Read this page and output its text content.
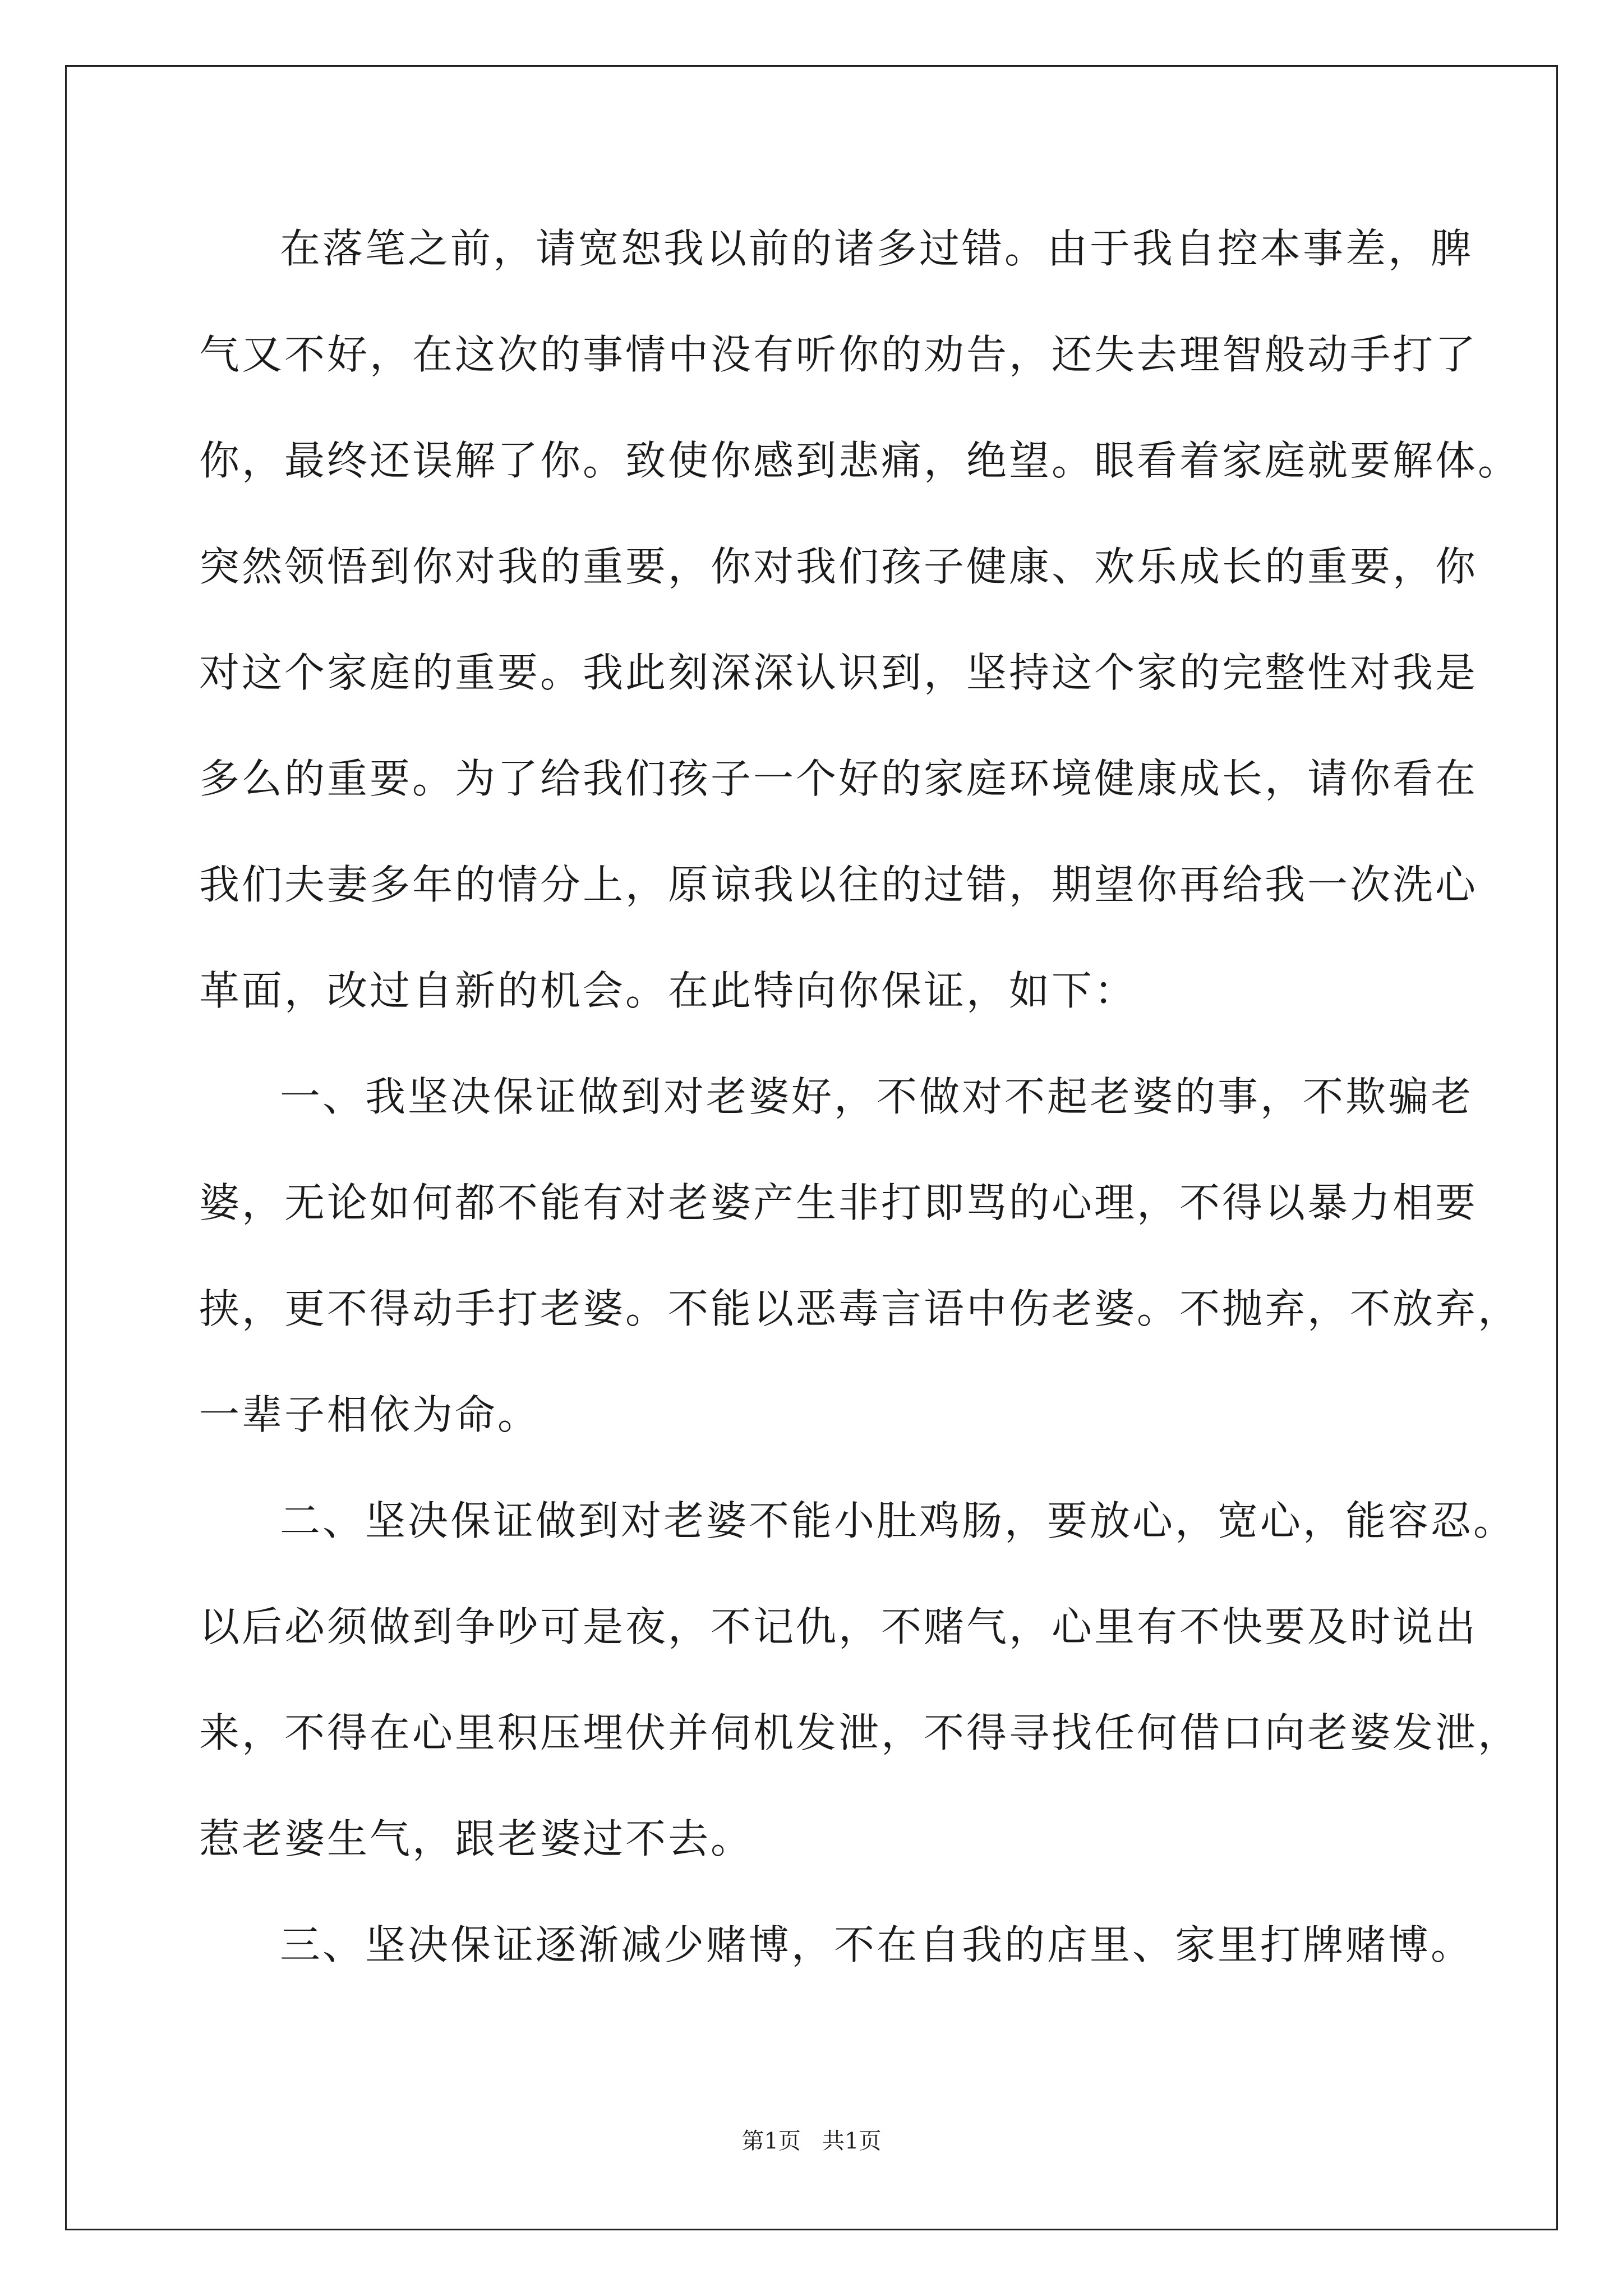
在落笔之前，请宽恕我以前的诸多过错。由于我自控本事差，脾

气又不好，在这次的事情中没有听你的劝告，还失去理智般动手打了

你，最终还误解了你。致使你感到悲痛，绝望。眼看着家庭就要解体。

突然领悟到你对我的重要，你对我们孩子健康、欢乐成长的重要，你

对这个家庭的重要。我此刻深深认识到，坚持这个家的完整性对我是

多么的重要。为了给我们孩子一个好的家庭环境健康成长，请你看在

我们夫妻多年的情分上，原谅我以往的过错，期望你再给我一次洗心

革面，改过自新的机会。在此特向你保证，如下：

一、我坚决保证做到对老婆好，不做对不起老婆的事，不欺骗老

婆，无论如何都不能有对老婆产生非打即骂的心理，不得以暴力相要

挟，更不得动手打老婆。不能以恶毒言语中伤老婆。不抛弃，不放弃，

一辈子相依为命。

二、坚决保证做到对老婆不能小肚鸡肠，要放心，宽心，能容忍。

以后必须做到争吵可是夜，不记仇，不赌气，心里有不快要及时说出

来，不得在心里积压埋伏并伺机发泄，不得寻找任何借口向老婆发泄，

惹老婆生气，跟老婆过不去。

三、坚决保证逐渐减少赌博，不在自我的店里、家里打牌赌博。

第1页   共1页
